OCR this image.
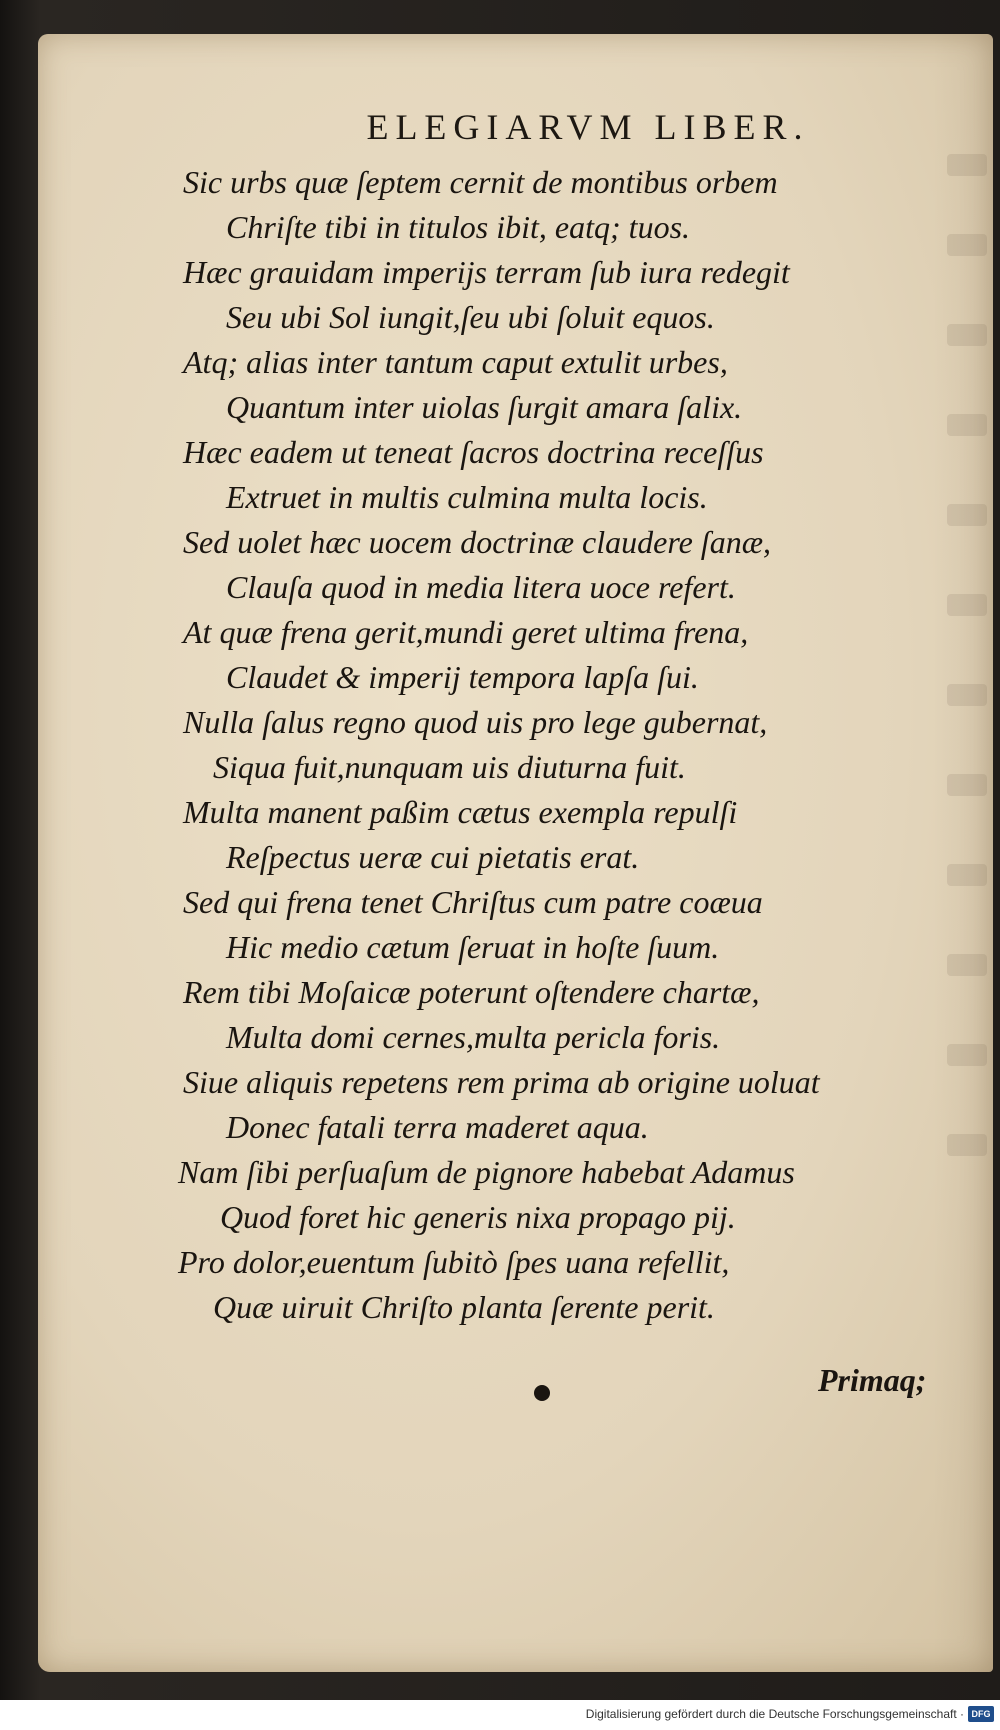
ELEGIARVM LIBER.
Sic urbs quæ ſeptem cernit de montibus orbem
Chriſte tibi in titulos ibit, eatq; tuos.
Hæc grauidam imperijs terram ſub iura redegit
Seu ubi Sol iungit,ſeu ubi ſoluit equos.
Atq; alias inter tantum caput extulit urbes,
Quantum inter uiolas ſurgit amara ſalix.
Hæc eadem ut teneat ſacros doctrina receſſus
Extruet in multis culmina multa locis.
Sed uolet hæc uocem doctrinæ claudere ſanæ,
Clauſa quod in media litera uoce refert.
At quæ frena gerit,mundi geret ultima frena,
Claudet & imperij tempora lapſa ſui.
Nulla ſalus regno quod uis pro lege gubernat,
Siqua fuit,nunquam uis diuturna fuit.
Multa manent paßim cætus exempla repulſi
Reſpectus ueræ cui pietatis erat.
Sed qui frena tenet Chriſtus cum patre coæua
Hic medio cætum ſeruat in hoſte ſuum.
Rem tibi Moſaicæ poterunt oſtendere chartæ,
Multa domi cernes,multa pericla foris.
Siue aliquis repetens rem prima ab origine uoluat
Donec fatali terra maderet aqua.
Nam ſibi perſuaſum de pignore habebat Adamus
Quod foret hic generis nixa propago pij.
Pro dolor,euentum ſubitò ſpes uana refellit,
Quæ uiruit Chriſto planta ſerente perit.
Primaq;
Digitalisierung gefördert durch die Deutsche Forschungsgemeinschaft · DFG
